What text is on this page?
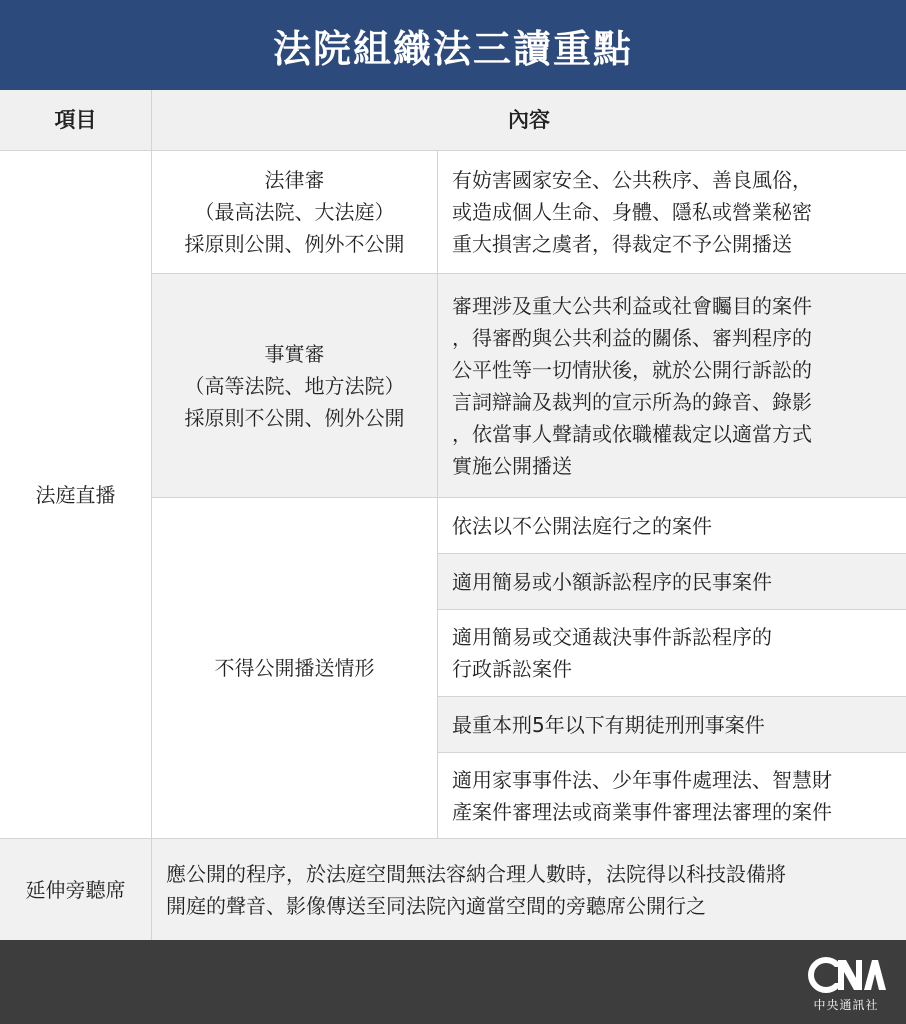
法院組織法三讀重點
項目	內容
法庭直播
法律審
（最高法院、大法庭）
採原則公開、例外不公開
有妨害國家安全、公共秩序、善良風俗，
或造成個人生命、身體、隱私或營業秘密
重大損害之虞者，得裁定不予公開播送
事實審
（高等法院、地方法院）
採原則不公開、例外公開
審理涉及重大公共利益或社會矚目的案件
，得審酌與公共利益的關係、審判程序的
公平性等一切情狀後，就於公開行訴訟的
言詞辯論及裁判的宣示所為的錄音、錄影
，依當事人聲請或依職權裁定以適當方式
實施公開播送
不得公開播送情形
依法以不公開法庭行之的案件
適用簡易或小額訴訟程序的民事案件
適用簡易或交通裁決事件訴訟程序的
行政訴訟案件
最重本刑5年以下有期徒刑刑事案件
適用家事事件法、少年事件處理法、智慧財
產案件審理法或商業事件審理法審理的案件
延伸旁聽席
應公開的程序，於法庭空間無法容納合理人數時，法院得以科技設備將
開庭的聲音、影像傳送至同法院內適當空間的旁聽席公開行之
中央通訊社
